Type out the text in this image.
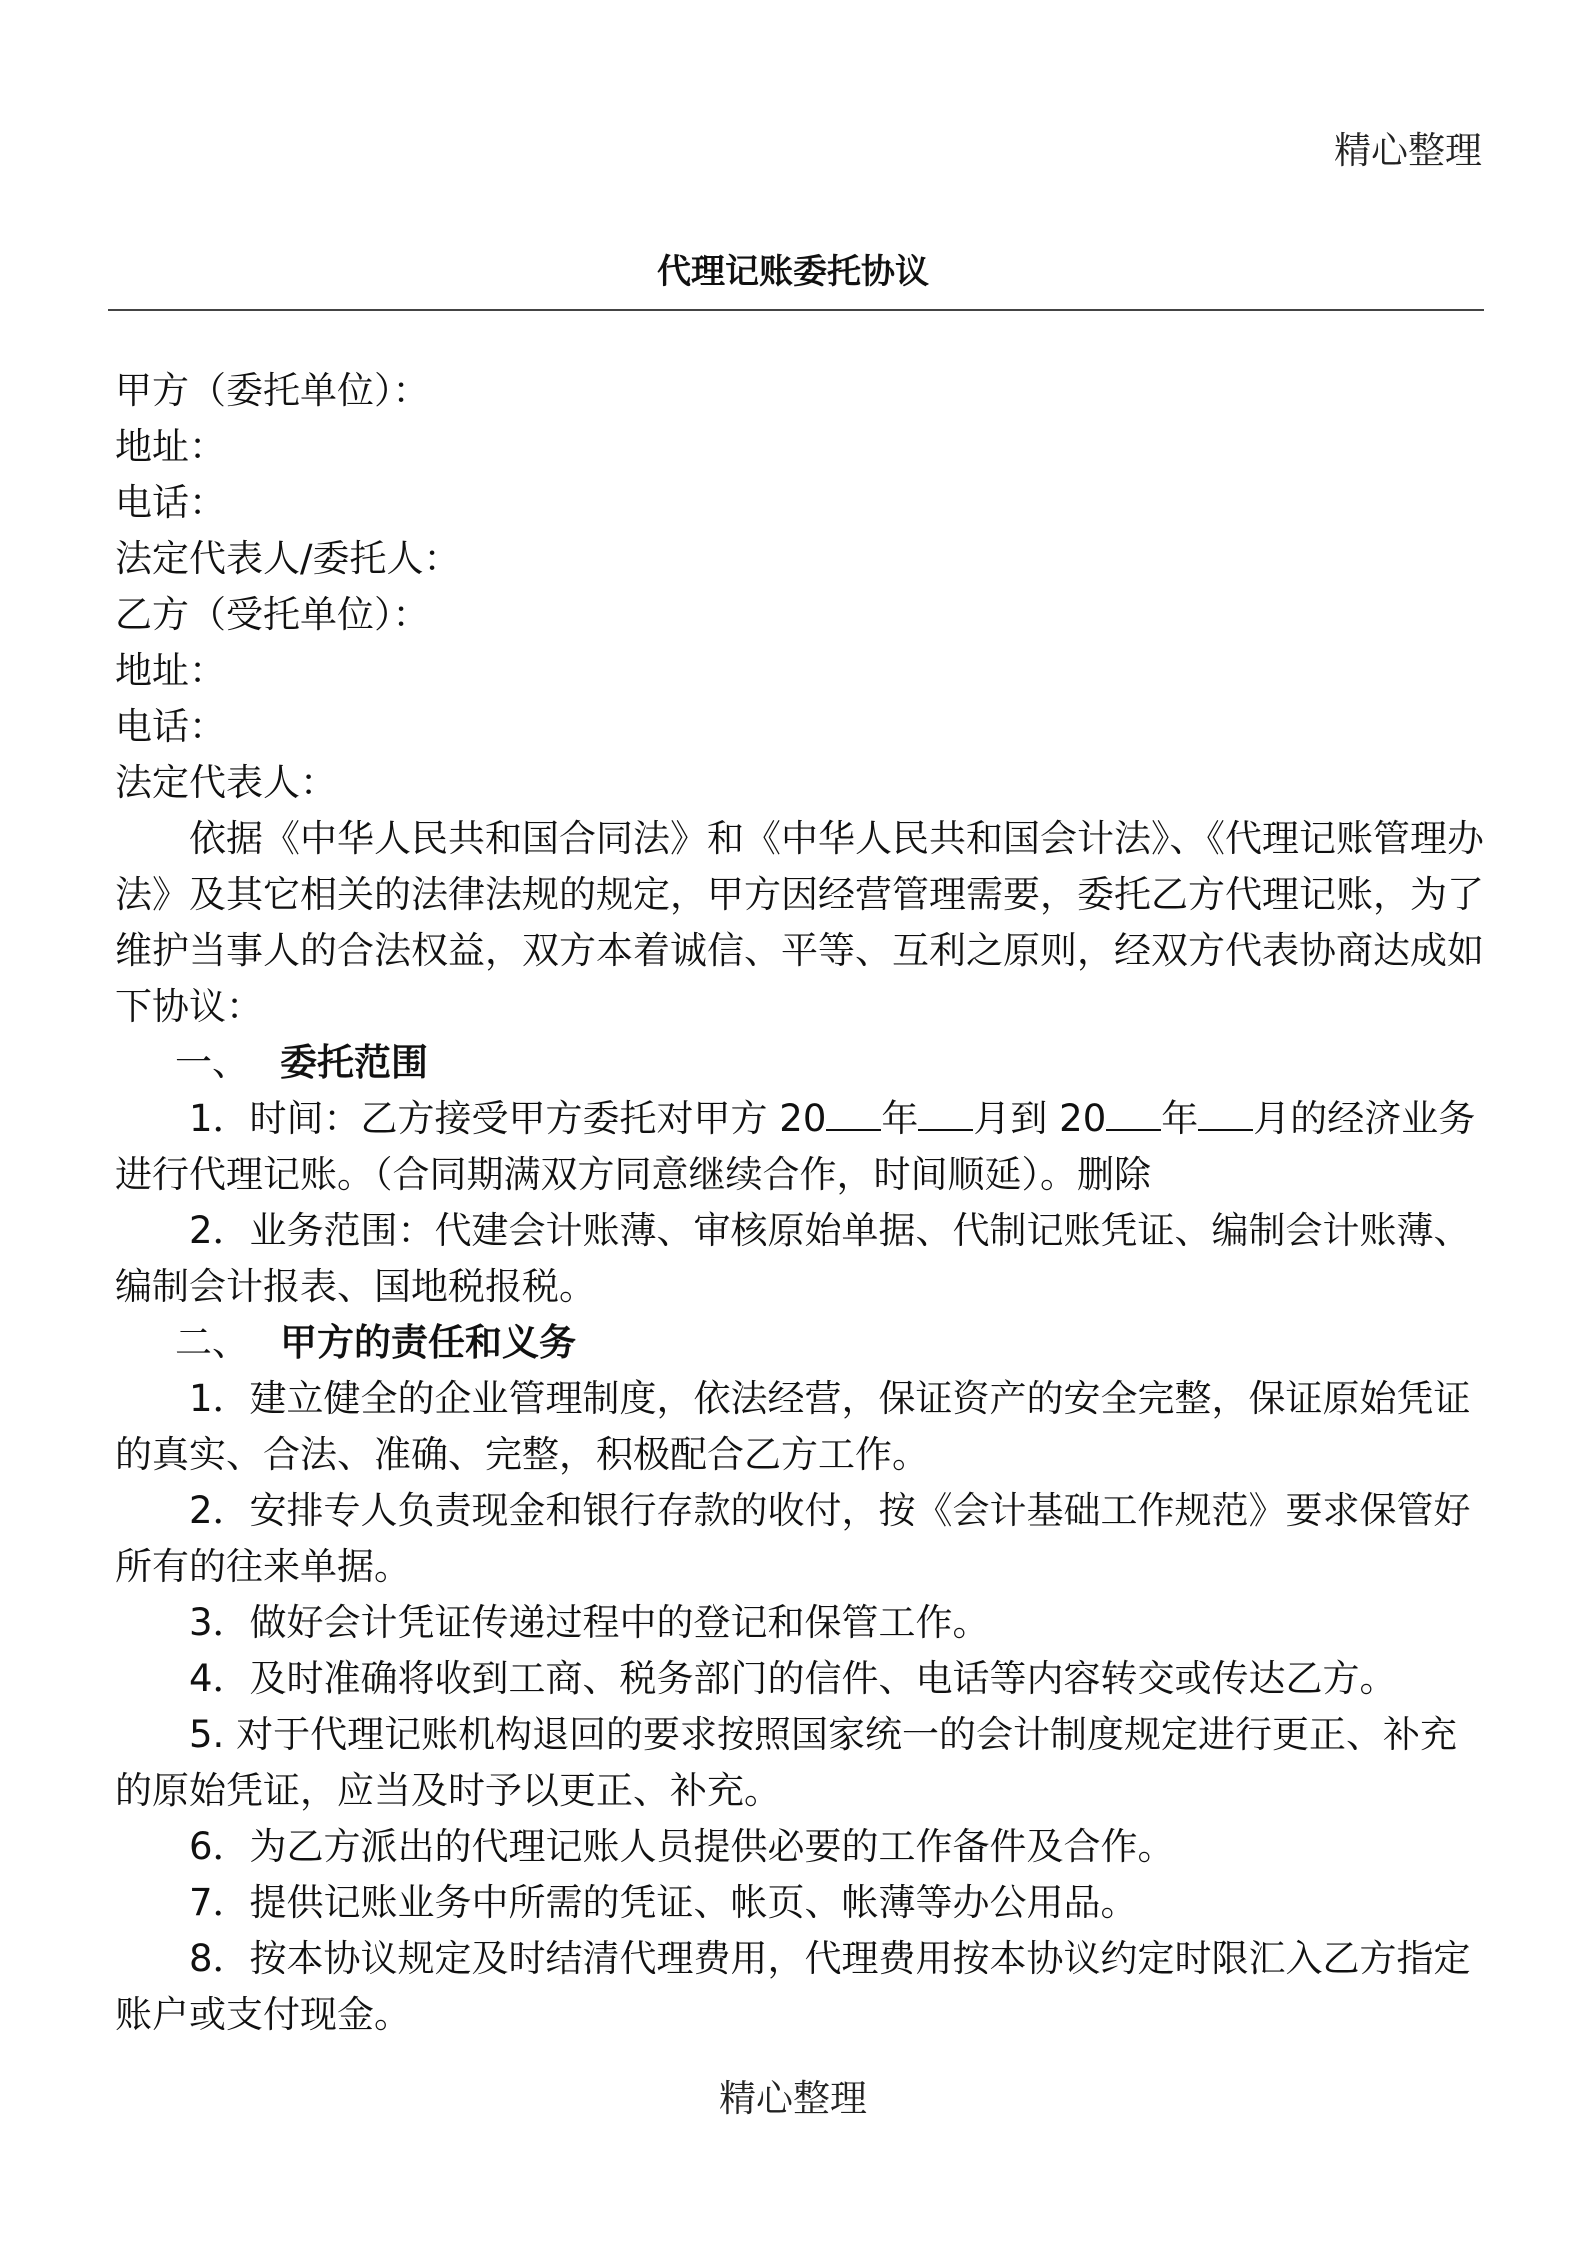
精心整理
代理记账委托协议
甲方（委托单位）：
地址：
电话：
法定代表人/委托人：
乙方（受托单位）：
地址：
电话：
法定代表人：
依据《中华人民共和国合同法》和《中华人民共和国会计法》、《代理记账管理办法》及其它相关的法律法规的规定，甲方因经营管理需要，委托乙方代理记账，为了维护当事人的合法权益，双方本着诚信、平等、互利之原则，经双方代表协商达成如下协议：
一、 委托范围
1．时间：乙方接受甲方委托对甲方 20 年 月到 20 年 月的经济业务进行代理记账。（合同期满双方同意继续合作，时间顺延）。删除
2．业务范围：代建会计账薄、审核原始单据、代制记账凭证、编制会计账薄、编制会计报表、国地税报税。
二、 甲方的责任和义务
1．建立健全的企业管理制度，依法经营，保证资产的安全完整，保证原始凭证的真实、合法、准确、完整，积极配合乙方工作。
2．安排专人负责现金和银行存款的收付，按《会计基础工作规范》要求保管好所有的往来单据。
3．做好会计凭证传递过程中的登记和保管工作。
4．及时准确将收到工商、税务部门的信件、电话等内容转交或传达乙方。
5. 对于代理记账机构退回的要求按照国家统一的会计制度规定进行更正、补充的原始凭证，应当及时予以更正、补充。
6．为乙方派出的代理记账人员提供必要的工作备件及合作。
7．提供记账业务中所需的凭证、帐页、帐薄等办公用品。
8．按本协议规定及时结清代理费用，代理费用按本协议约定时限汇入乙方指定账户或支付现金。
精心整理
